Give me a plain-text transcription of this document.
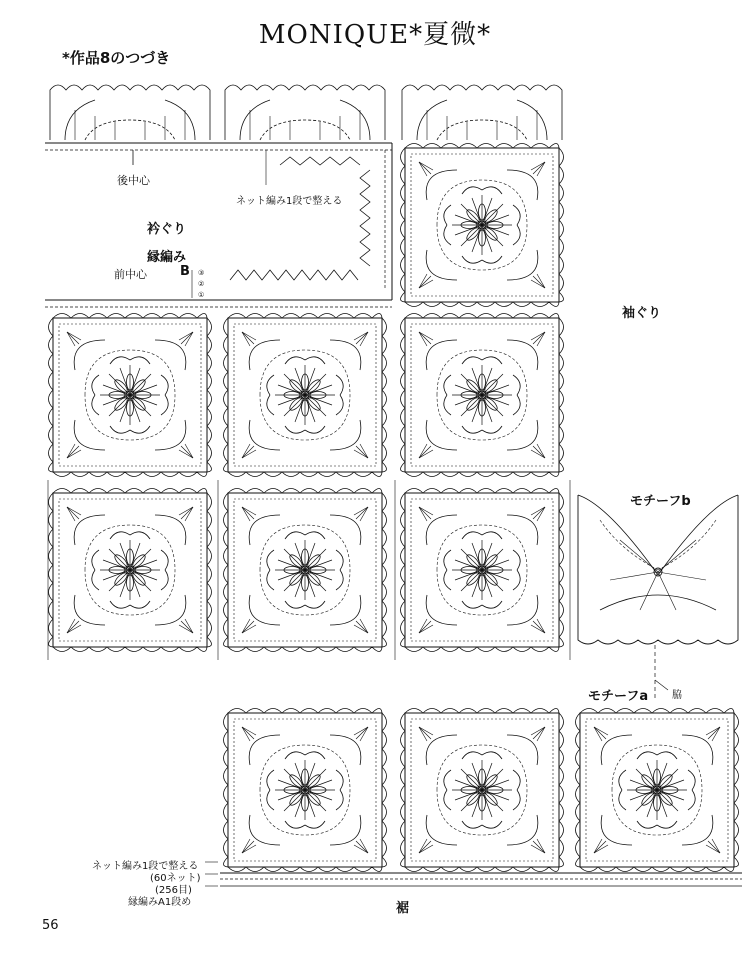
MONIQUE*夏微*
*作品8のつづき
後中心
ネット編み1段で整える
衿ぐり
縁編み
前中心	B ③
②
①
袖ぐり
モチーフb
モチーフa 脇
ネット編み1段で整える
(60ネット)
(256目)
縁編みA1段め	裾
56
